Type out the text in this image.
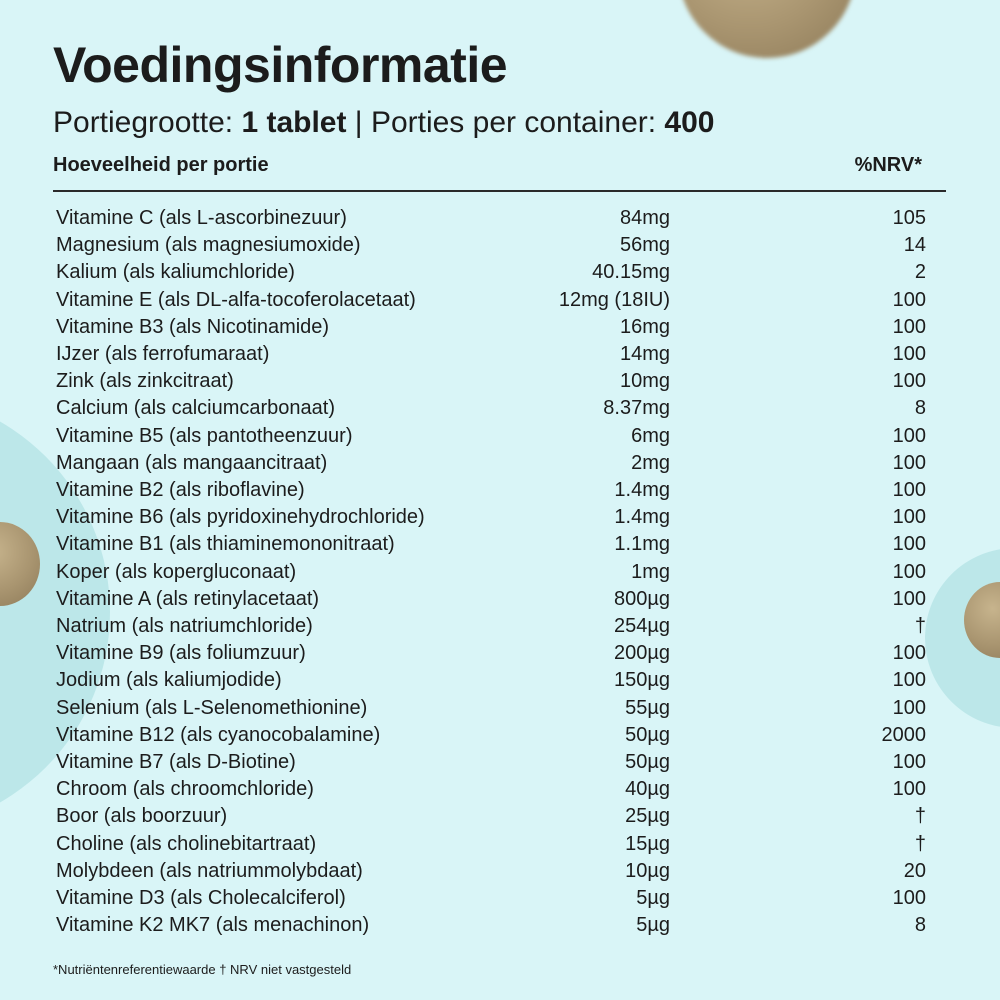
Voedingsinformatie
Portiegrootte: 1 tablet | Porties per container: 400
Hoeveelheid per portie	%NRV*
Vitamine C (als L-ascorbinezuur)	84mg	105
Magnesium (als magnesiumoxide)	56mg	14
Kalium (als kaliumchloride)	40.15mg	2
Vitamine E (als DL-alfa-tocoferolacetaat)	12mg (18IU)	100
Vitamine B3 (als Nicotinamide)	16mg	100
IJzer (als ferrofumaraat)	14mg	100
Zink (als zinkcitraat)	10mg	100
Calcium (als calciumcarbonaat)	8.37mg	8
Vitamine B5 (als pantotheenzuur)	6mg	100
Mangaan (als mangaancitraat)	2mg	100
Vitamine B2 (als riboflavine)	1.4mg	100
Vitamine B6 (als pyridoxinehydrochloride)	1.4mg	100
Vitamine B1 (als thiaminemononitraat)	1.1mg	100
Koper (als kopergluconaat)	1mg	100
Vitamine A (als retinylacetaat)	800µg	100
Natrium (als natriumchloride)	254µg	†
Vitamine B9 (als foliumzuur)	200µg	100
Jodium (als kaliumjodide)	150µg	100
Selenium (als L-Selenomethionine)	55µg	100
Vitamine B12 (als cyanocobalamine)	50µg	2000
Vitamine B7 (als D-Biotine)	50µg	100
Chroom (als chroomchloride)	40µg	100
Boor (als boorzuur)	25µg	†
Choline (als cholinebitartraat)	15µg	†
Molybdeen (als natriummolybdaat)	10µg	20
Vitamine D3 (als Cholecalciferol)	5µg	100
Vitamine K2 MK7 (als menachinon)	5µg	8
*Nutriëntenreferentiewaarde † NRV niet vastgesteld
